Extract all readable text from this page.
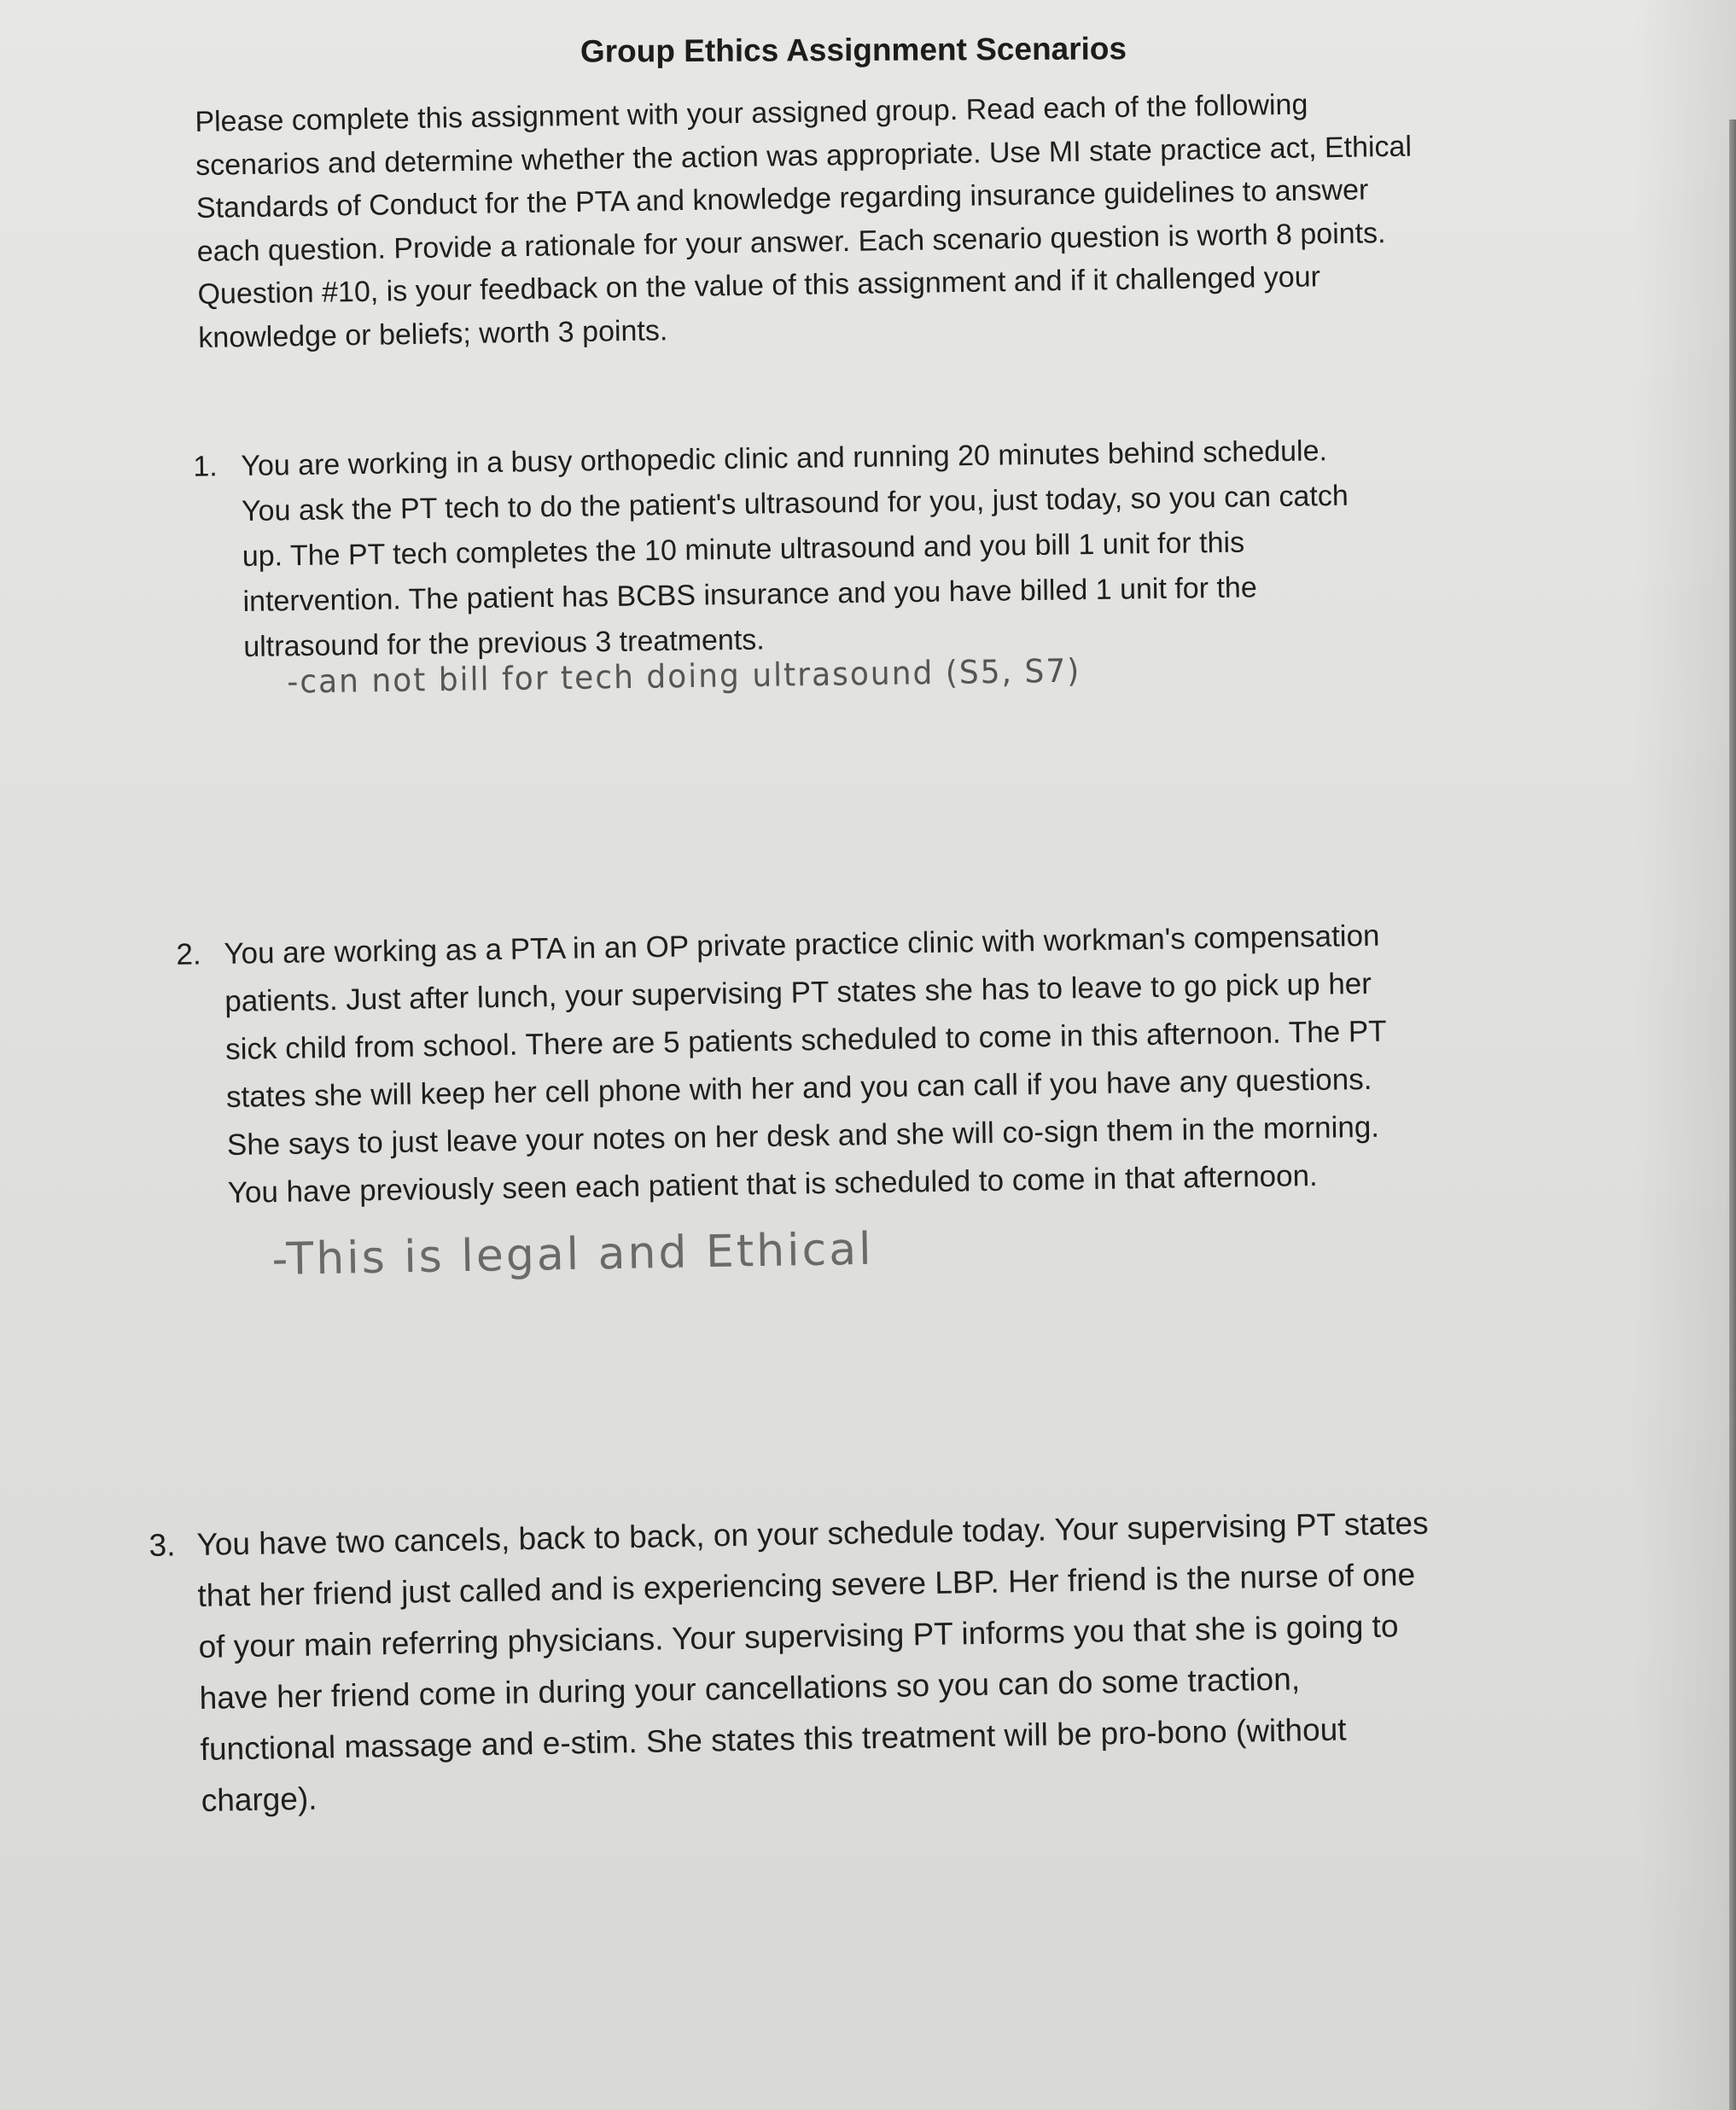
Group Ethics Assignment Scenarios
Please complete this assignment with your assigned group. Read each of the following
scenarios and determine whether the action was appropriate. Use MI state practice act, Ethical
Standards of Conduct for the PTA and knowledge regarding insurance guidelines to answer
each question. Provide a rationale for your answer. Each scenario question is worth 8 points.
Question #10, is your feedback on the value of this assignment and if it challenged your
knowledge or beliefs; worth 3 points.
1. You are working in a busy orthopedic clinic and running 20 minutes behind schedule.
You ask the PT tech to do the patient's ultrasound for you, just today, so you can catch
up. The PT tech completes the 10 minute ultrasound and you bill 1 unit for this
intervention. The patient has BCBS insurance and you have billed 1 unit for the
ultrasound for the previous 3 treatments.
-can not bill for tech doing ultrasound (S5, S7)
2. You are working as a PTA in an OP private practice clinic with workman's compensation
patients. Just after lunch, your supervising PT states she has to leave to go pick up her
sick child from school. There are 5 patients scheduled to come in this afternoon. The PT
states she will keep her cell phone with her and you can call if you have any questions.
She says to just leave your notes on her desk and she will co-sign them in the morning.
You have previously seen each patient that is scheduled to come in that afternoon.
-This is legal and Ethical
3. You have two cancels, back to back, on your schedule today. Your supervising PT states
that her friend just called and is experiencing severe LBP. Her friend is the nurse of one
of your main referring physicians. Your supervising PT informs you that she is going to
have her friend come in during your cancellations so you can do some traction,
functional massage and e-stim. She states this treatment will be pro-bono (without
charge).
